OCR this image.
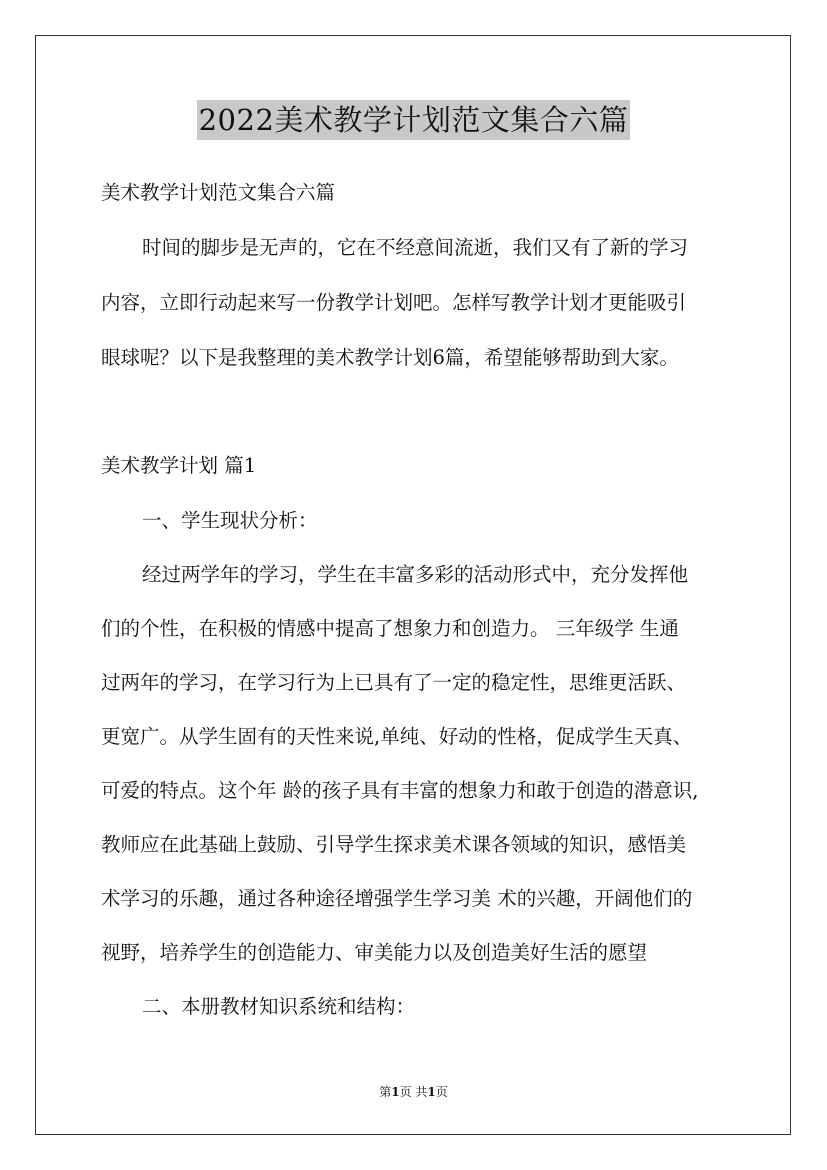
2022美术教学计划范文集合六篇
美术教学计划范文集合六篇
时间的脚步是无声的，它在不经意间流逝，我们又有了新的学习
内容，立即行动起来写一份教学计划吧。怎样写教学计划才更能吸引
眼球呢？以下是我整理的美术教学计划6篇，希望能够帮助到大家。
美术教学计划 篇1
一、学生现状分析：
经过两学年的学习，学生在丰富多彩的活动形式中，充分发挥他
们的个性，在积极的情感中提高了想象力和创造力。 三年级学 生通
过两年的学习，在学习行为上已具有了一定的稳定性，思维更活跃、
更宽广。从学生固有的天性来说,单纯、好动的性格，促成学生天真、
可爱的特点。这个年 龄的孩子具有丰富的想象力和敢于创造的潜意识,
教师应在此基础上鼓励、引导学生探求美术课各领域的知识，感悟美
术学习的乐趣，通过各种途径增强学生学习美 术的兴趣，开阔他们的
视野，培养学生的创造能力、审美能力以及创造美好生活的愿望
二、本册教材知识系统和结构：
第1页 共1页
